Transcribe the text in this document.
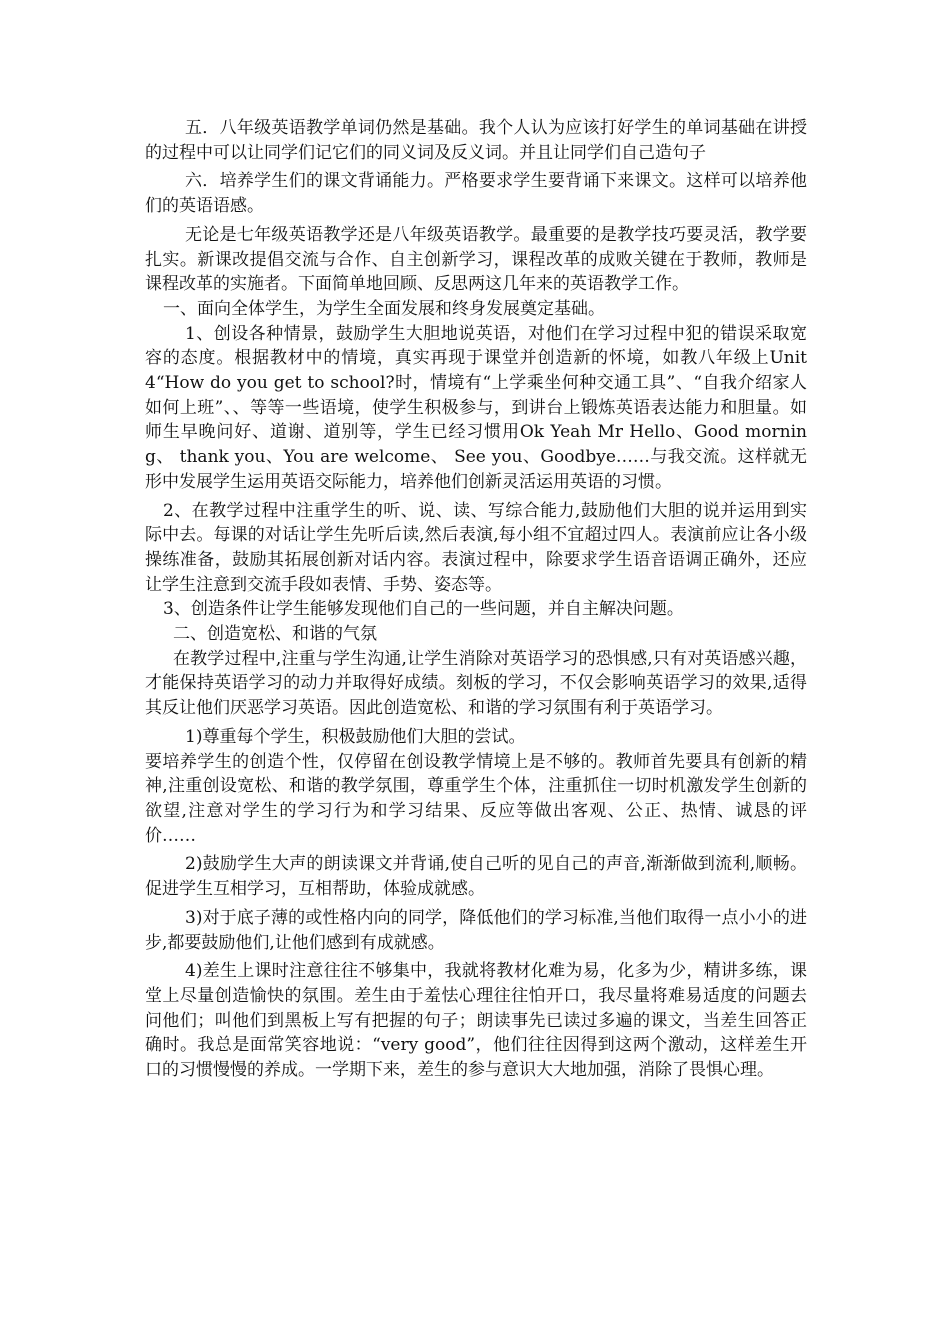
五．八年级英语教学单词仍然是基础。我个人认为应该打好学生的单词基础在讲授的过程中可以让同学们记它们的同义词及反义词。并且让同学们自己造句子

六．培养学生们的课文背诵能力。严格要求学生要背诵下来课文。这样可以培养他们的英语语感。

无论是七年级英语教学还是八年级英语教学。最重要的是教学技巧要灵活，教学要扎实。新课改提倡交流与合作、自主创新学习，课程改革的成败关键在于教师，教师是课程改革的实施者。下面简单地回顾、反思两这几年来的英语教学工作。

一、面向全体学生，为学生全面发展和终身发展奠定基础。

1、创设各种情景，鼓励学生大胆地说英语，对他们在学习过程中犯的错误采取宽容的态度。根据教材中的情境，真实再现于课堂并创造新的怀境，如教八年级上Unit4“How do you get to school?时，情境有“上学乘坐何种交通工具”、“自我介绍家人如何上班”、、等等一些语境，使学生积极参与，到讲台上锻炼英语表达能力和胆量。如师生早晚问好、道谢、道别等，学生已经习惯用Ok Yeah Mr Hello、Good morning、 thank you、You are welcome、 See you、Goodbye……与我交流。这样就无形中发展学生运用英语交际能力，培养他们创新灵活运用英语的习惯。

2、在教学过程中注重学生的听、说、读、写综合能力,鼓励他们大胆的说并运用到实际中去。每课的对话让学生先听后读,然后表演,每小组不宜超过四人。表演前应让各小级操练准备，鼓励其拓展创新对话内容。表演过程中，除要求学生语音语调正确外，还应让学生注意到交流手段如表情、手势、姿态等。

3、创造条件让学生能够发现他们自己的一些问题，并自主解决问题。

二、创造宽松、和谐的气氛

在教学过程中,注重与学生沟通,让学生消除对英语学习的恐惧感,只有对英语感兴趣，才能保持英语学习的动力并取得好成绩。刻板的学习，不仅会影响英语学习的效果,适得其反让他们厌恶学习英语。因此创造宽松、和谐的学习氛围有利于英语学习。

1)尊重每个学生，积极鼓励他们大胆的尝试。

要培养学生的创造个性，仅停留在创设教学情境上是不够的。教师首先要具有创新的精神,注重创设宽松、和谐的教学氛围，尊重学生个体，注重抓住一切时机激发学生创新的欲望,注意对学生的学习行为和学习结果、反应等做出客观、公正、热情、诚恳的评价……

2)鼓励学生大声的朗读课文并背诵,使自己听的见自己的声音,渐渐做到流利,顺畅。促进学生互相学习，互相帮助，体验成就感。

3)对于底子薄的或性格内向的同学，降低他们的学习标准,当他们取得一点小小的进步,都要鼓励他们,让他们感到有成就感。

4)差生上课时注意往往不够集中，我就将教材化难为易，化多为少，精讲多练，课堂上尽量创造愉快的氛围。差生由于羞怯心理往往怕开口，我尽量将难易适度的问题去问他们；叫他们到黑板上写有把握的句子；朗读事先已读过多遍的课文，当差生回答正确时。我总是面常笑容地说：“very good”，他们往往因得到这两个激动，这样差生开口的习惯慢慢的养成。一学期下来，差生的参与意识大大地加强，消除了畏惧心理。
